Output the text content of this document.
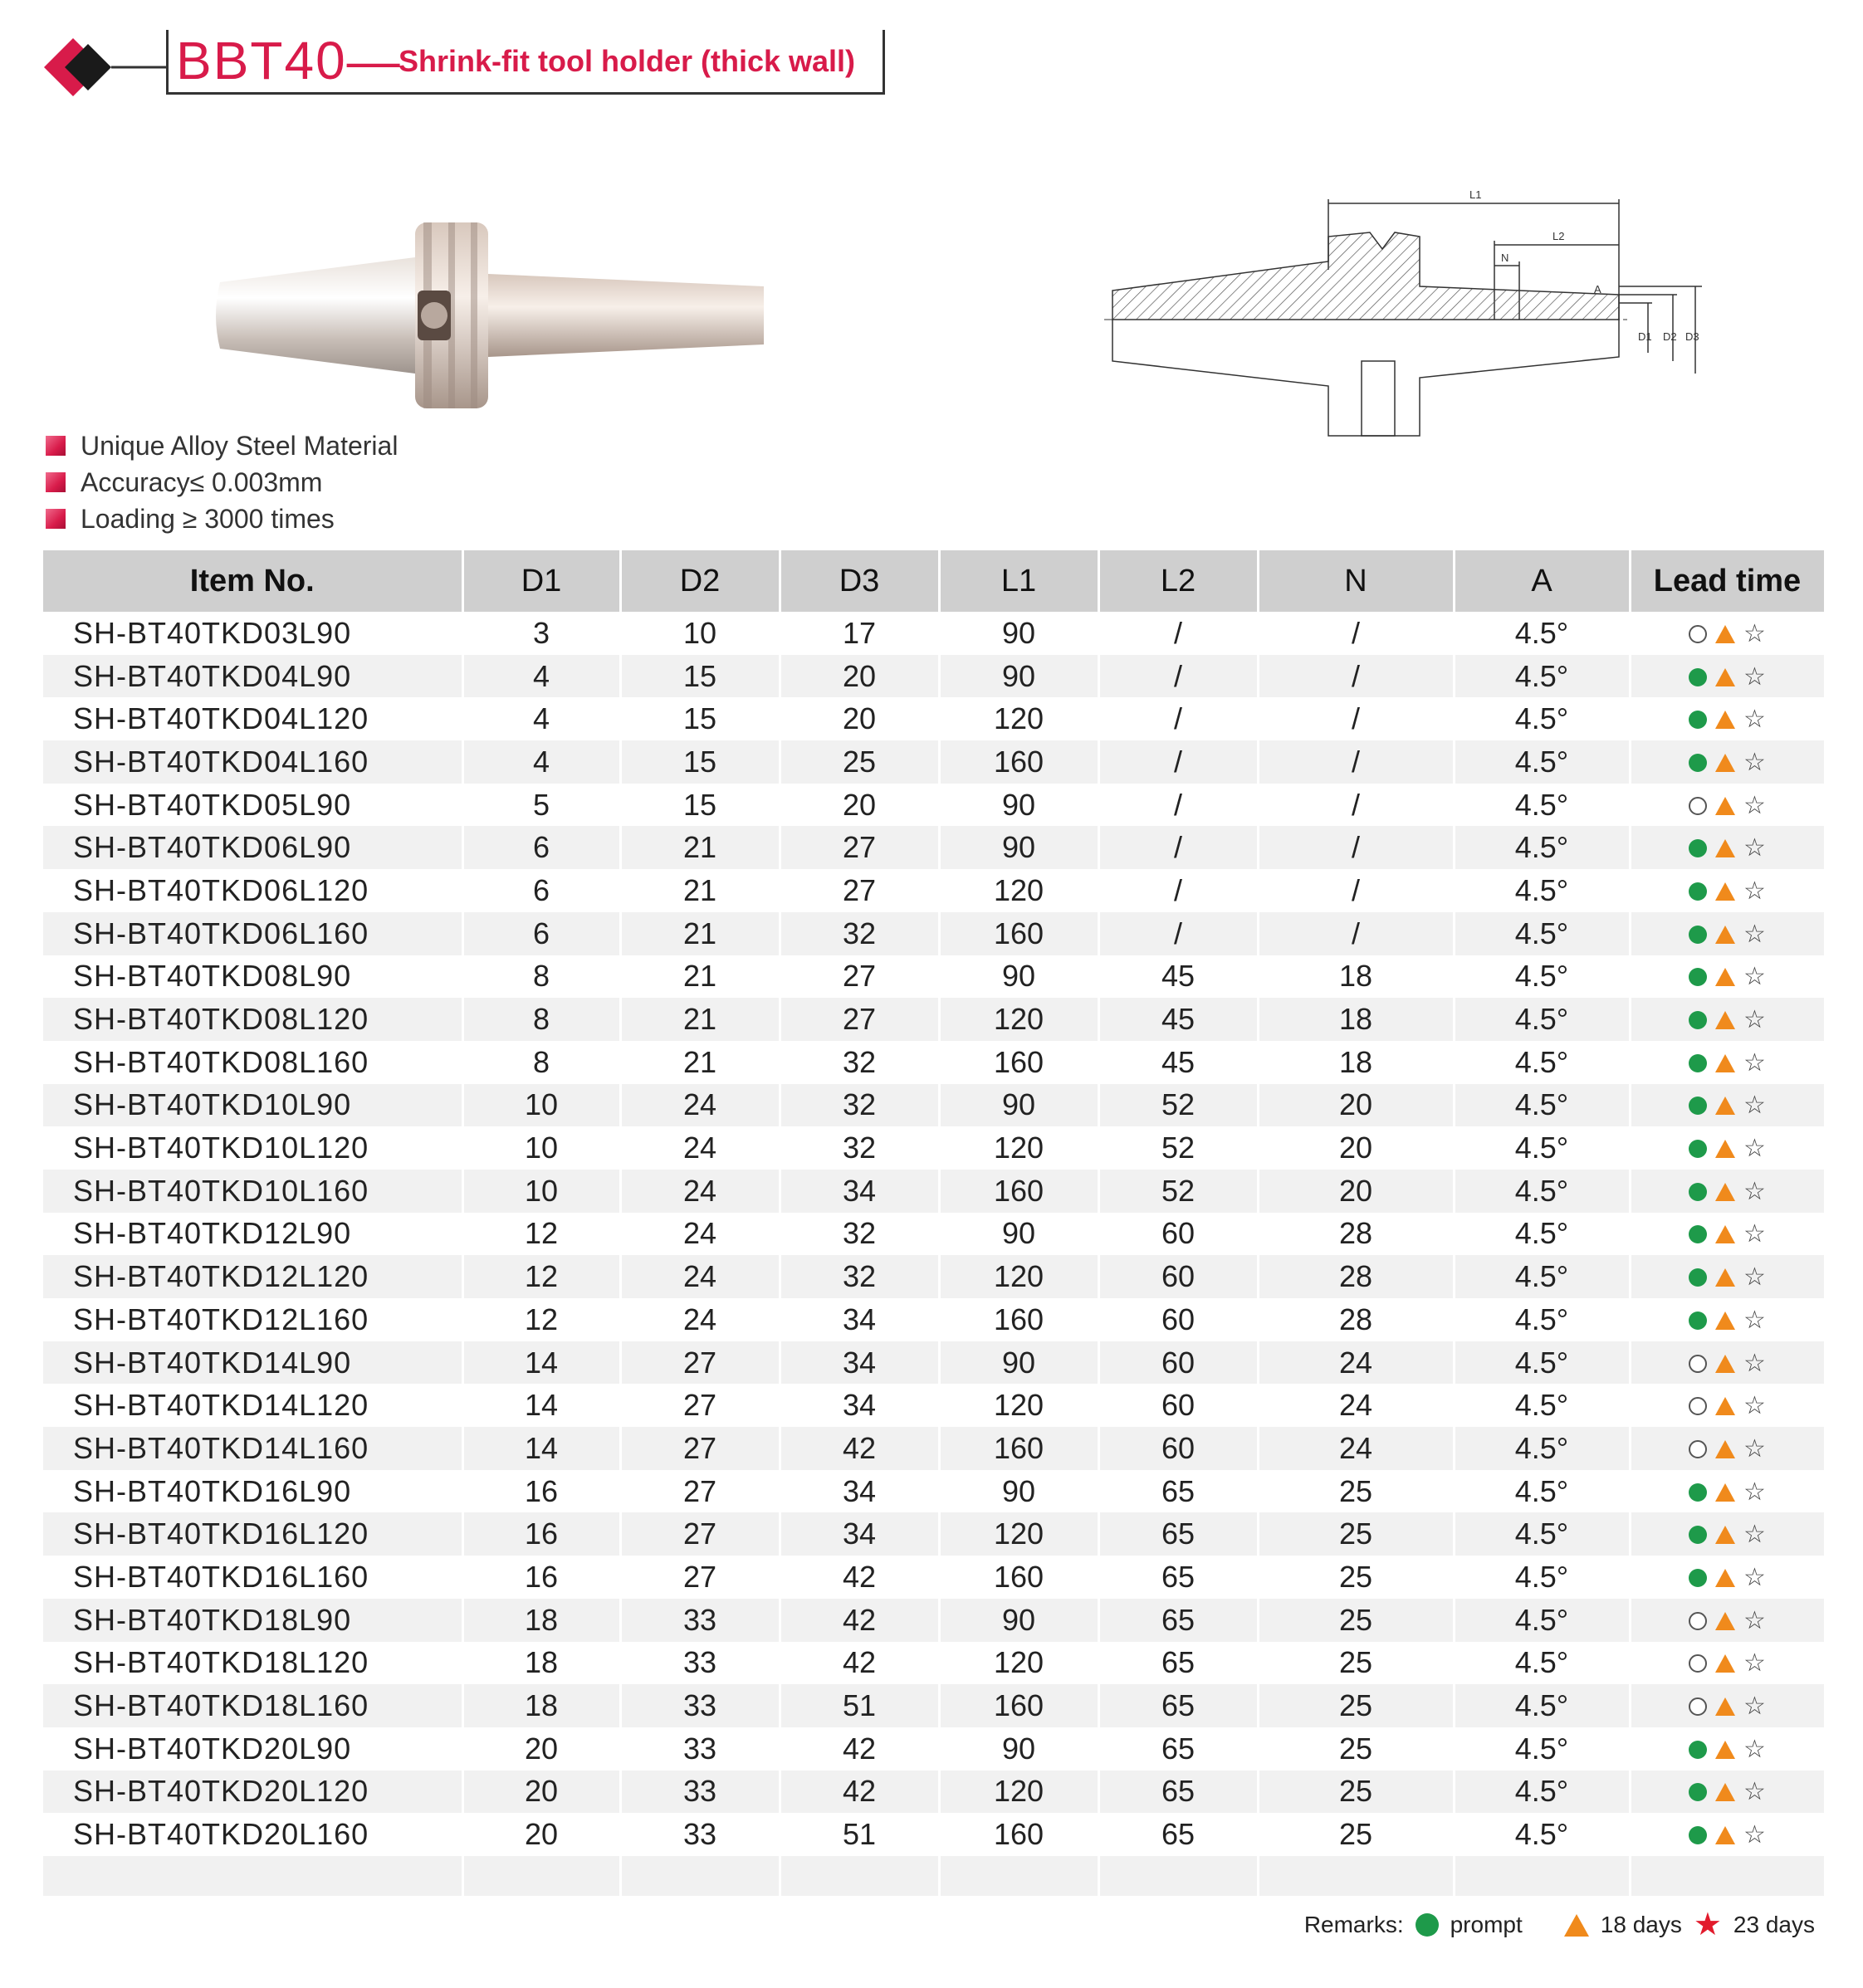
BBT40—
Shrink-fit tool holder (thick wall)
L1
L2
N
A
D1 D2 D3
Unique Alloy Steel Material
Accuracy≤ 0.003mm
Loading ≥ 3000 times
Item No.	D1	D2	D3	L1	L2	N	A	Lead time
SH-BT40TKD03L90	3	10	17	90	/	/	4.5°	☆

SH-BT40TKD04L90	4	15	20	90	/	/	4.5°	☆

SH-BT40TKD04L120	4	15	20	120	/	/	4.5°	☆

SH-BT40TKD04L160	4	15	25	160	/	/	4.5°	☆

SH-BT40TKD05L90	5	15	20	90	/	/	4.5°	☆

SH-BT40TKD06L90	6	21	27	90	/	/	4.5°	☆

SH-BT40TKD06L120	6	21	27	120	/	/	4.5°	☆

SH-BT40TKD06L160	6	21	32	160	/	/	4.5°	☆

SH-BT40TKD08L90	8	21	27	90	45	18	4.5°	☆

SH-BT40TKD08L120	8	21	27	120	45	18	4.5°	☆

SH-BT40TKD08L160	8	21	32	160	45	18	4.5°	☆

SH-BT40TKD10L90	10	24	32	90	52	20	4.5°	☆

SH-BT40TKD10L120	10	24	32	120	52	20	4.5°	☆

SH-BT40TKD10L160	10	24	34	160	52	20	4.5°	☆

SH-BT40TKD12L90	12	24	32	90	60	28	4.5°	☆

SH-BT40TKD12L120	12	24	32	120	60	28	4.5°	☆

SH-BT40TKD12L160	12	24	34	160	60	28	4.5°	☆

SH-BT40TKD14L90	14	27	34	90	60	24	4.5°	☆

SH-BT40TKD14L120	14	27	34	120	60	24	4.5°	☆

SH-BT40TKD14L160	14	27	42	160	60	24	4.5°	☆

SH-BT40TKD16L90	16	27	34	90	65	25	4.5°	☆

SH-BT40TKD16L120	16	27	34	120	65	25	4.5°	☆

SH-BT40TKD16L160	16	27	42	160	65	25	4.5°	☆

SH-BT40TKD18L90	18	33	42	90	65	25	4.5°	☆

SH-BT40TKD18L120	18	33	42	120	65	25	4.5°	☆

SH-BT40TKD18L160	18	33	51	160	65	25	4.5°	☆

SH-BT40TKD20L90	20	33	42	90	65	25	4.5°	☆

SH-BT40TKD20L120	20	33	42	120	65	25	4.5°	☆

SH-BT40TKD20L160	20	33	51	160	65	25	4.5°	☆

Remarks: prompt	18 days ★ 23 days
